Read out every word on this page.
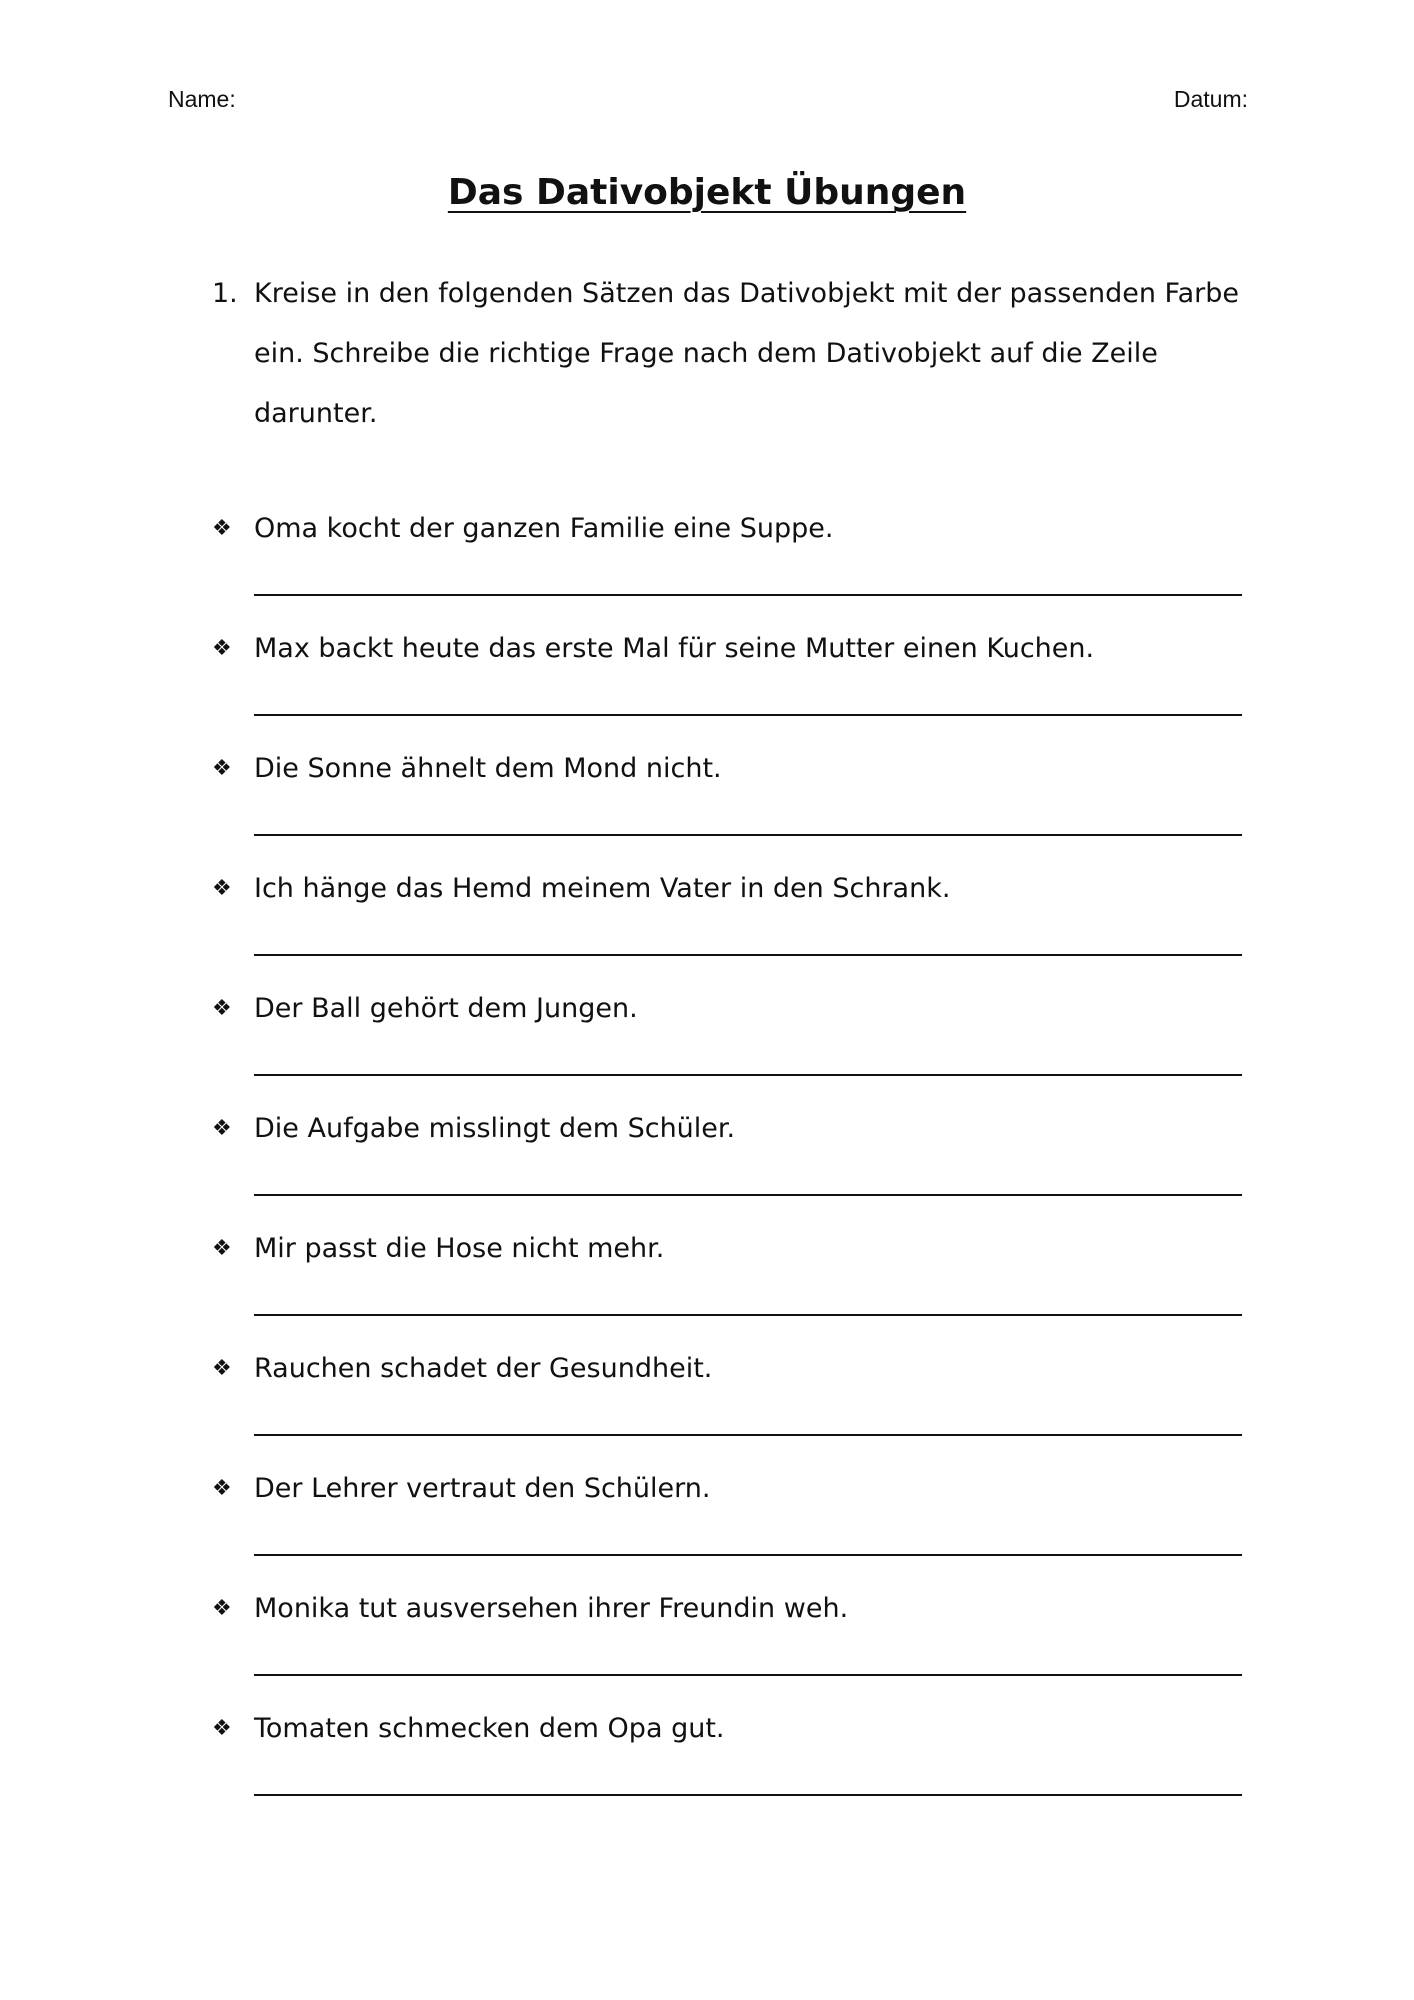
Name:	Datum:
Das Dativobjekt Übungen
1. Kreise in den folgenden Sätzen das Dativobjekt mit der passenden Farbe ein. Schreibe die richtige Frage nach dem Dativobjekt auf die Zeile darunter.
❖ Oma kocht der ganzen Familie eine Suppe.
❖ Max backt heute das erste Mal für seine Mutter einen Kuchen.
❖ Die Sonne ähnelt dem Mond nicht.
❖ Ich hänge das Hemd meinem Vater in den Schrank.
❖ Der Ball gehört dem Jungen.
❖ Die Aufgabe misslingt dem Schüler.
❖ Mir passt die Hose nicht mehr.
❖ Rauchen schadet der Gesundheit.
❖ Der Lehrer vertraut den Schülern.
❖ Monika tut ausversehen ihrer Freundin weh.
❖ Tomaten schmecken dem Opa gut.
